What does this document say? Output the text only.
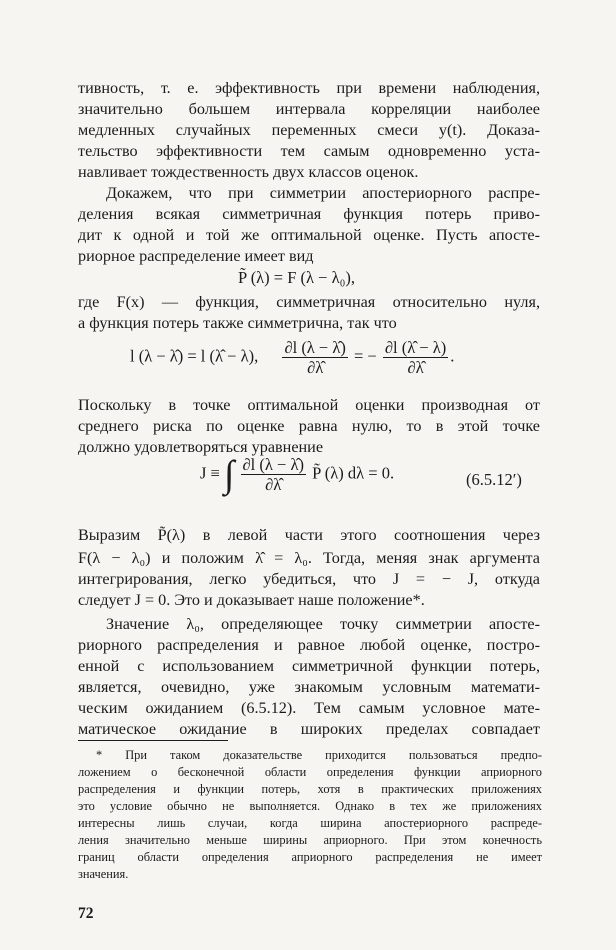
тивность, т. е. эффективность при времени наблюдения,
значительно большем интервала корреляции наиболее
медленных случайных переменных смеси y(t). Доказа-
тельство эффективности тем самым одновременно уста-
навливает тождественность двух классов оценок.
Докажем, что при симметрии апостериорного распре-
деления всякая симметричная функция потерь приво-
дит к одной и той же оптимальной оценке. Пусть апосте-
риорное распределение имеет вид
P̃ (λ) = F (λ − λ₀),
где F(x) — функция, симметричная относительно нуля,
а функция потерь также симметрична, так что
l (λ − λ̂) = l (λ̂ − λ), $\frac{\partial l (\lambda - \lambdâ)}{\partial\lambdâ}$ = − $\frac{\partial l (\lambdâ - \lambda)}{\partial\lambdâ}$ .
Поскольку в точке оптимальной оценки производная от
среднего риска по оценке равна нулю, то в этой точке
должно удовлетворяться уравнение
J ≡ ∫ $\frac{\partial l (\lambda - \lambdâ)}{\partial\lambdâ}$ P̃ (λ) dλ = 0.	(6.5.12′)
Выразим P̃(λ) в левой части этого соотношения через
F(λ − λ₀) и положим λ̂ = λ₀. Тогда, меняя знак аргумента
интегрирования, легко убедиться, что J = − J, откуда
следует J = 0. Это и доказывает наше положение*.
Значение λ₀, определяющее точку симметрии апосте-
риорного распределения и равное любой оценке, постро-
енной с использованием симметричной функции потерь,
является, очевидно, уже знакомым условным математи-
ческим ожиданием (6.5.12). Тем самым условное мате-
матическое ожидание в широких пределах совпадает
* При таком доказательстве приходится пользоваться предпо-
ложением о бесконечной области определения функции априорного
распределения и функции потерь, хотя в практических приложениях
это условие обычно не выполняется. Однако в тех же приложениях
интересны лишь случаи, когда ширина апостериорного распреде-
ления значительно меньше ширины априорного. При этом конечность
границ области определения априорного распределения не имеет
значения.
72
